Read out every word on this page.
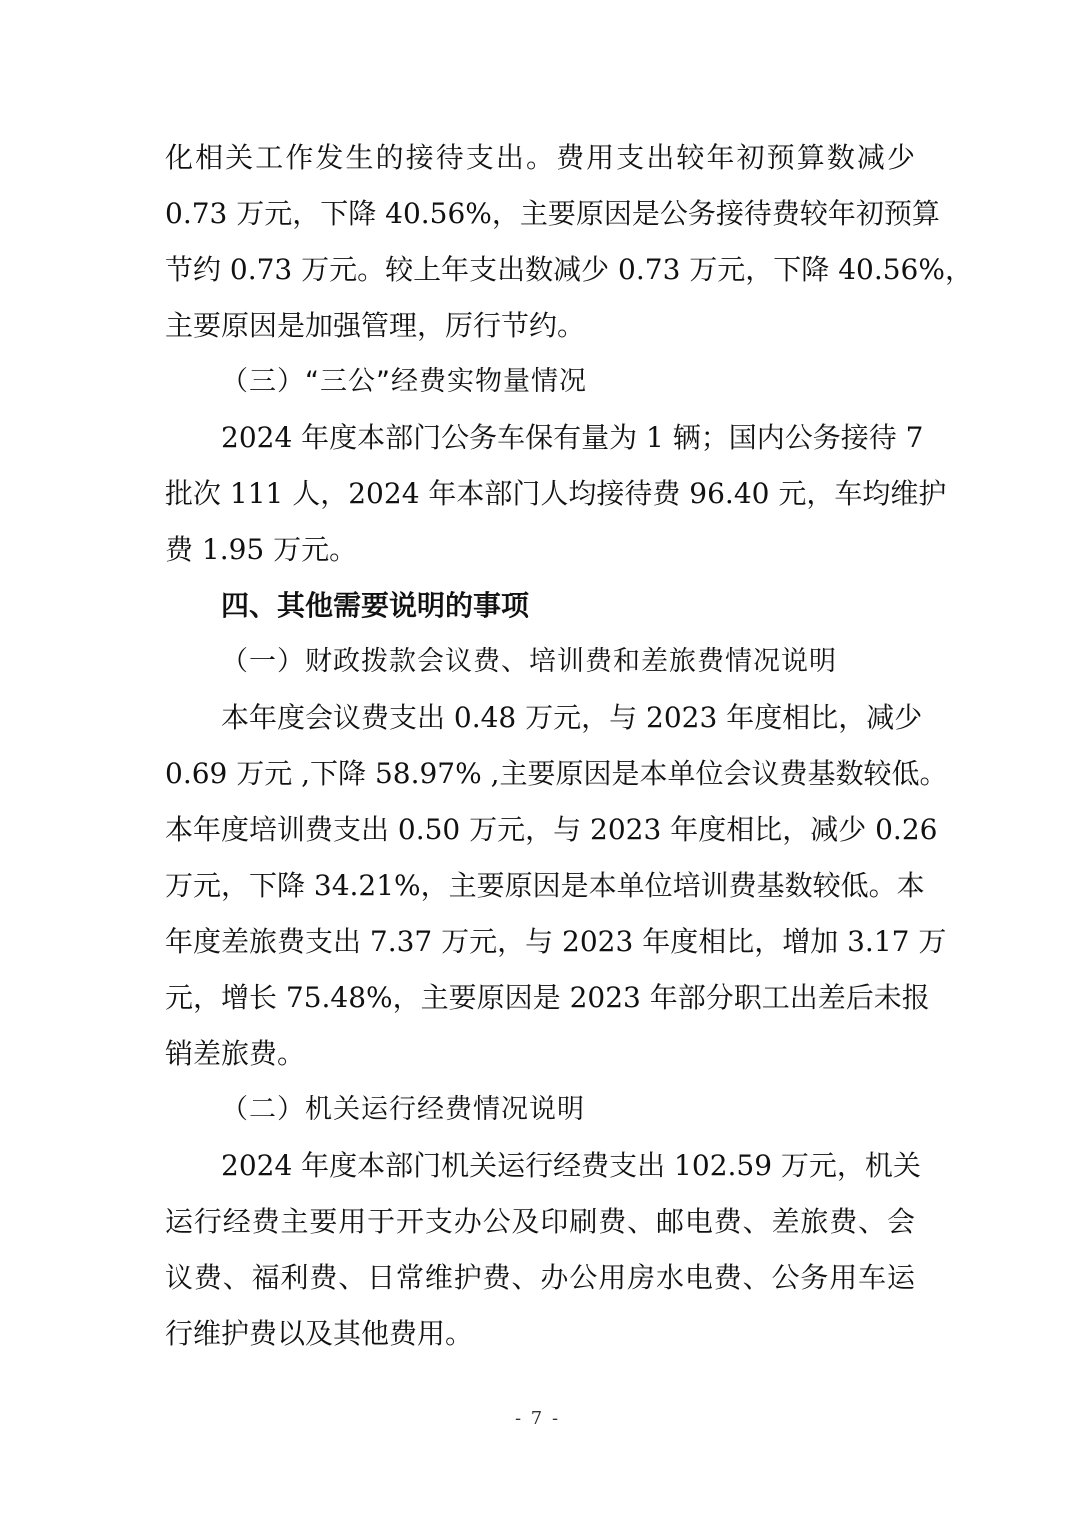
化相关工作发生的接待支出。费用支出较年初预算数减少
0.73 万元，下降 40.56%，主要原因是公务接待费较年初预算
节约 0.73 万元。较上年支出数减少 0.73 万元，下降 40.56%，
主要原因是加强管理，厉行节约。
（三）“三公”经费实物量情况
2024 年度本部门公务车保有量为 1 辆；国内公务接待 7
批次 111 人，2024 年本部门人均接待费 96.40 元，车均维护
费 1.95 万元。
四、其他需要说明的事项
（一）财政拨款会议费、培训费和差旅费情况说明
本年度会议费支出 0.48 万元，与 2023 年度相比，减少
0.69 万元 ,下降 58.97% ,主要原因是本单位会议费基数较低。
本年度培训费支出 0.50 万元，与 2023 年度相比，减少 0.26
万元，下降 34.21%，主要原因是本单位培训费基数较低。本
年度差旅费支出 7.37 万元，与 2023 年度相比，增加 3.17 万
元，增长 75.48%，主要原因是 2023 年部分职工出差后未报
销差旅费。
（二）机关运行经费情况说明
2024 年度本部门机关运行经费支出 102.59 万元，机关
运行经费主要用于开支办公及印刷费、邮电费、差旅费、会
议费、福利费、日常维护费、办公用房水电费、公务用车运
行维护费以及其他费用。
- 7 -
